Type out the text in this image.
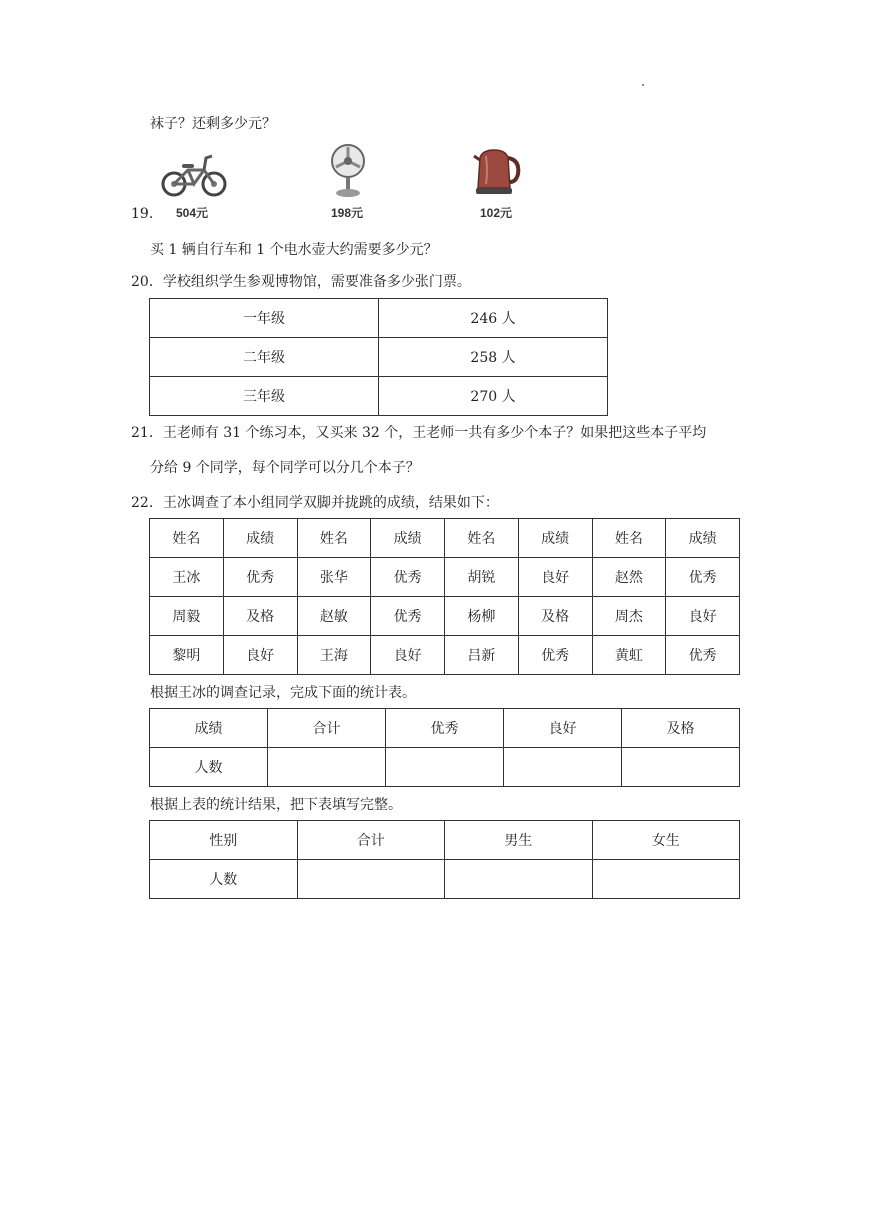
袜子？还剩多少元？
19. 504元	198元	102元
买 1 辆自行车和 1 个电水壶大约需要多少元？
20．学校组织学生参观博物馆，需要准备多少张门票。
一年级	246 人
二年级	258 人
三年级	270 人
21．王老师有 31 个练习本，又买来 32 个，王老师一共有多少个本子？如果把这些本子平均
分给 9 个同学，每个同学可以分几个本子？
22．王冰调查了本小组同学双脚并拢跳的成绩，结果如下：
姓名	成绩	姓名	成绩	姓名	成绩	姓名	成绩
王冰	优秀	张华	优秀	胡锐	良好	赵然	优秀
周毅	及格	赵敏	优秀	杨柳	及格	周杰	良好
黎明	良好	王海	良好	吕新	优秀	黄虹	优秀
根据王冰的调查记录，完成下面的统计表。
成绩	合计	优秀	良好	及格
人数				
根据上表的统计结果，把下表填写完整。
性别	合计	男生	女生
人数			
